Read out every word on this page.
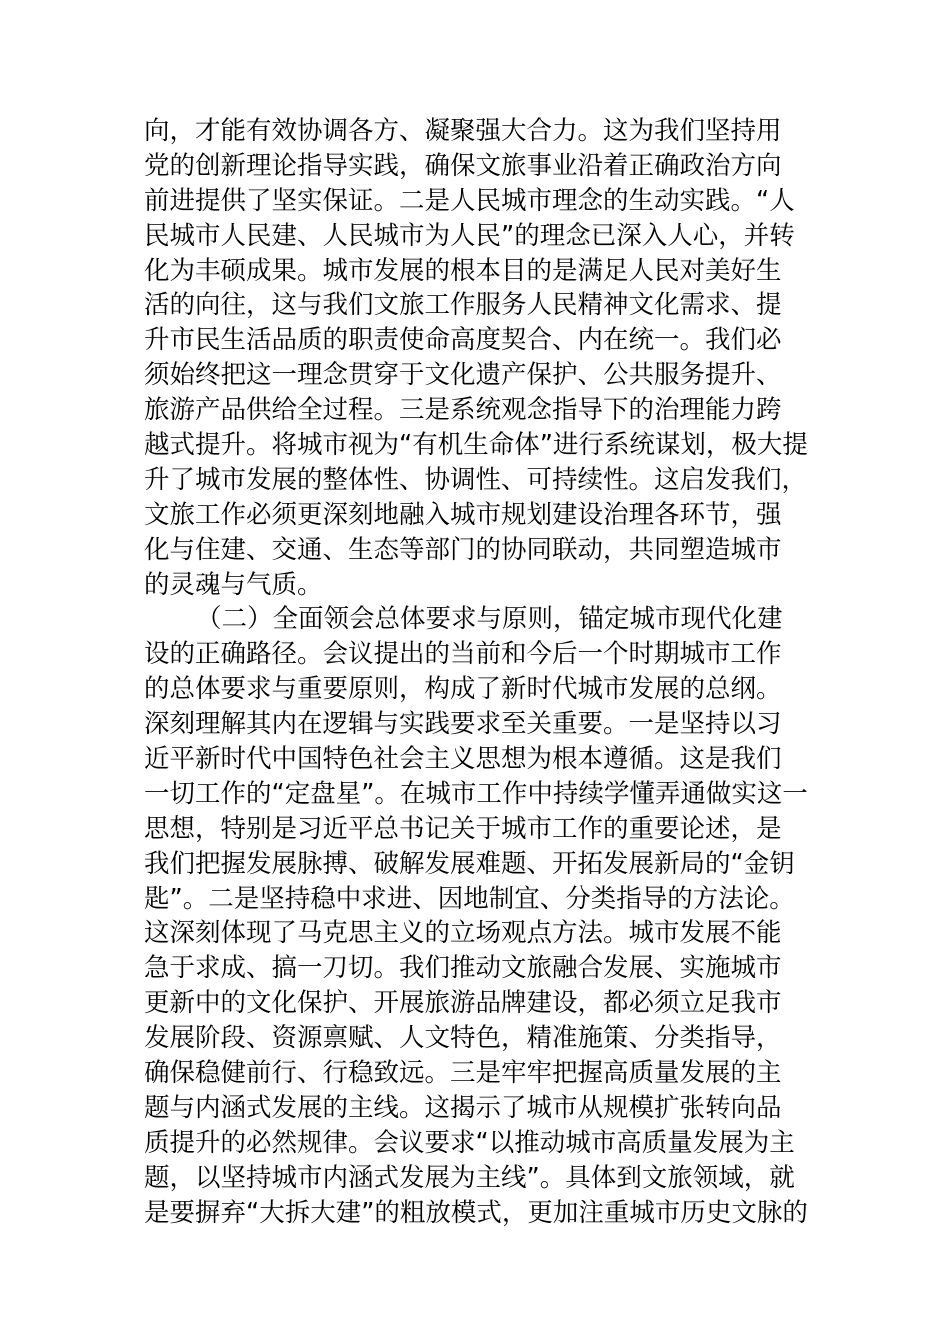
向，才能有效协调各方、凝聚强大合力。这为我们坚持用
党的创新理论指导实践，确保文旅事业沿着正确政治方向
前进提供了坚实保证。二是人民城市理念的生动实践。“人
民城市人民建、人民城市为人民”的理念已深入人心，并转
化为丰硕成果。城市发展的根本目的是满足人民对美好生
活的向往，这与我们文旅工作服务人民精神文化需求、提
升市民生活品质的职责使命高度契合、内在统一。我们必
须始终把这一理念贯穿于文化遗产保护、公共服务提升、
旅游产品供给全过程。三是系统观念指导下的治理能力跨
越式提升。将城市视为“有机生命体”进行系统谋划，极大提
升了城市发展的整体性、协调性、可持续性。这启发我们，
文旅工作必须更深刻地融入城市规划建设治理各环节，强
化与住建、交通、生态等部门的协同联动，共同塑造城市
的灵魂与气质。
（二）全面领会总体要求与原则，锚定城市现代化建
设的正确路径。会议提出的当前和今后一个时期城市工作
的总体要求与重要原则，构成了新时代城市发展的总纲。
深刻理解其内在逻辑与实践要求至关重要。一是坚持以习
近平新时代中国特色社会主义思想为根本遵循。这是我们
一切工作的“定盘星”。在城市工作中持续学懂弄通做实这一
思想，特别是习近平总书记关于城市工作的重要论述，是
我们把握发展脉搏、破解发展难题、开拓发展新局的“金钥
匙”。二是坚持稳中求进、因地制宜、分类指导的方法论。
这深刻体现了马克思主义的立场观点方法。城市发展不能
急于求成、搞一刀切。我们推动文旅融合发展、实施城市
更新中的文化保护、开展旅游品牌建设，都必须立足我市
发展阶段、资源禀赋、人文特色，精准施策、分类指导，
确保稳健前行、行稳致远。三是牢牢把握高质量发展的主
题与内涵式发展的主线。这揭示了城市从规模扩张转向品
质提升的必然规律。会议要求“以推动城市高质量发展为主
题，以坚持城市内涵式发展为主线”。具体到文旅领域，就
是要摒弃“大拆大建”的粗放模式，更加注重城市历史文脉的
